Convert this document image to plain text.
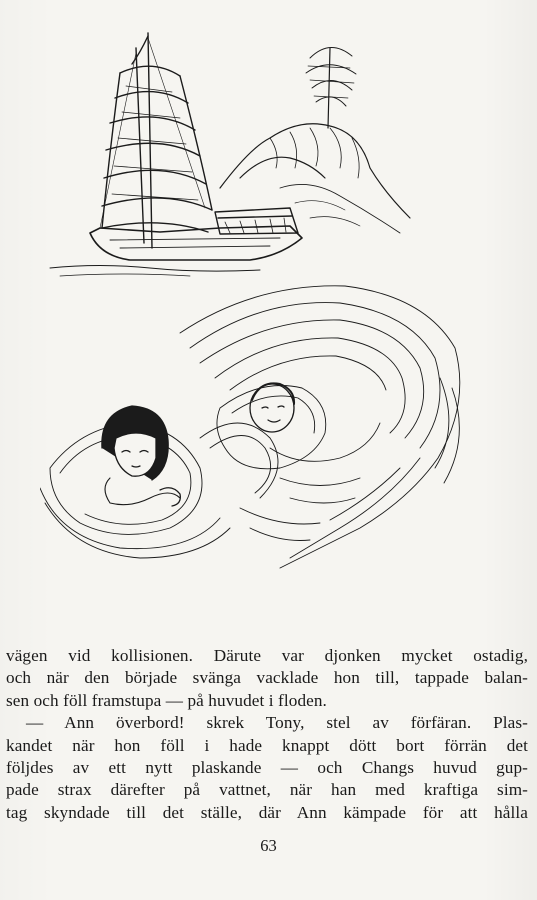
vägen vid kollisionen. Därute var djonken mycket ostadig,
och när den började svänga vacklade hon till, tappade balan-
sen och föll framstupa — på huvudet i floden.
— Ann överbord! skrek Tony, stel av förfäran. Plas-
kandet när hon föll i hade knappt dött bort förrän det
följdes av ett nytt plaskande — och Changs huvud gup-
pade strax därefter på vattnet, när han med kraftiga sim-
tag skyndade till det ställe, där Ann kämpade för att hålla
63
